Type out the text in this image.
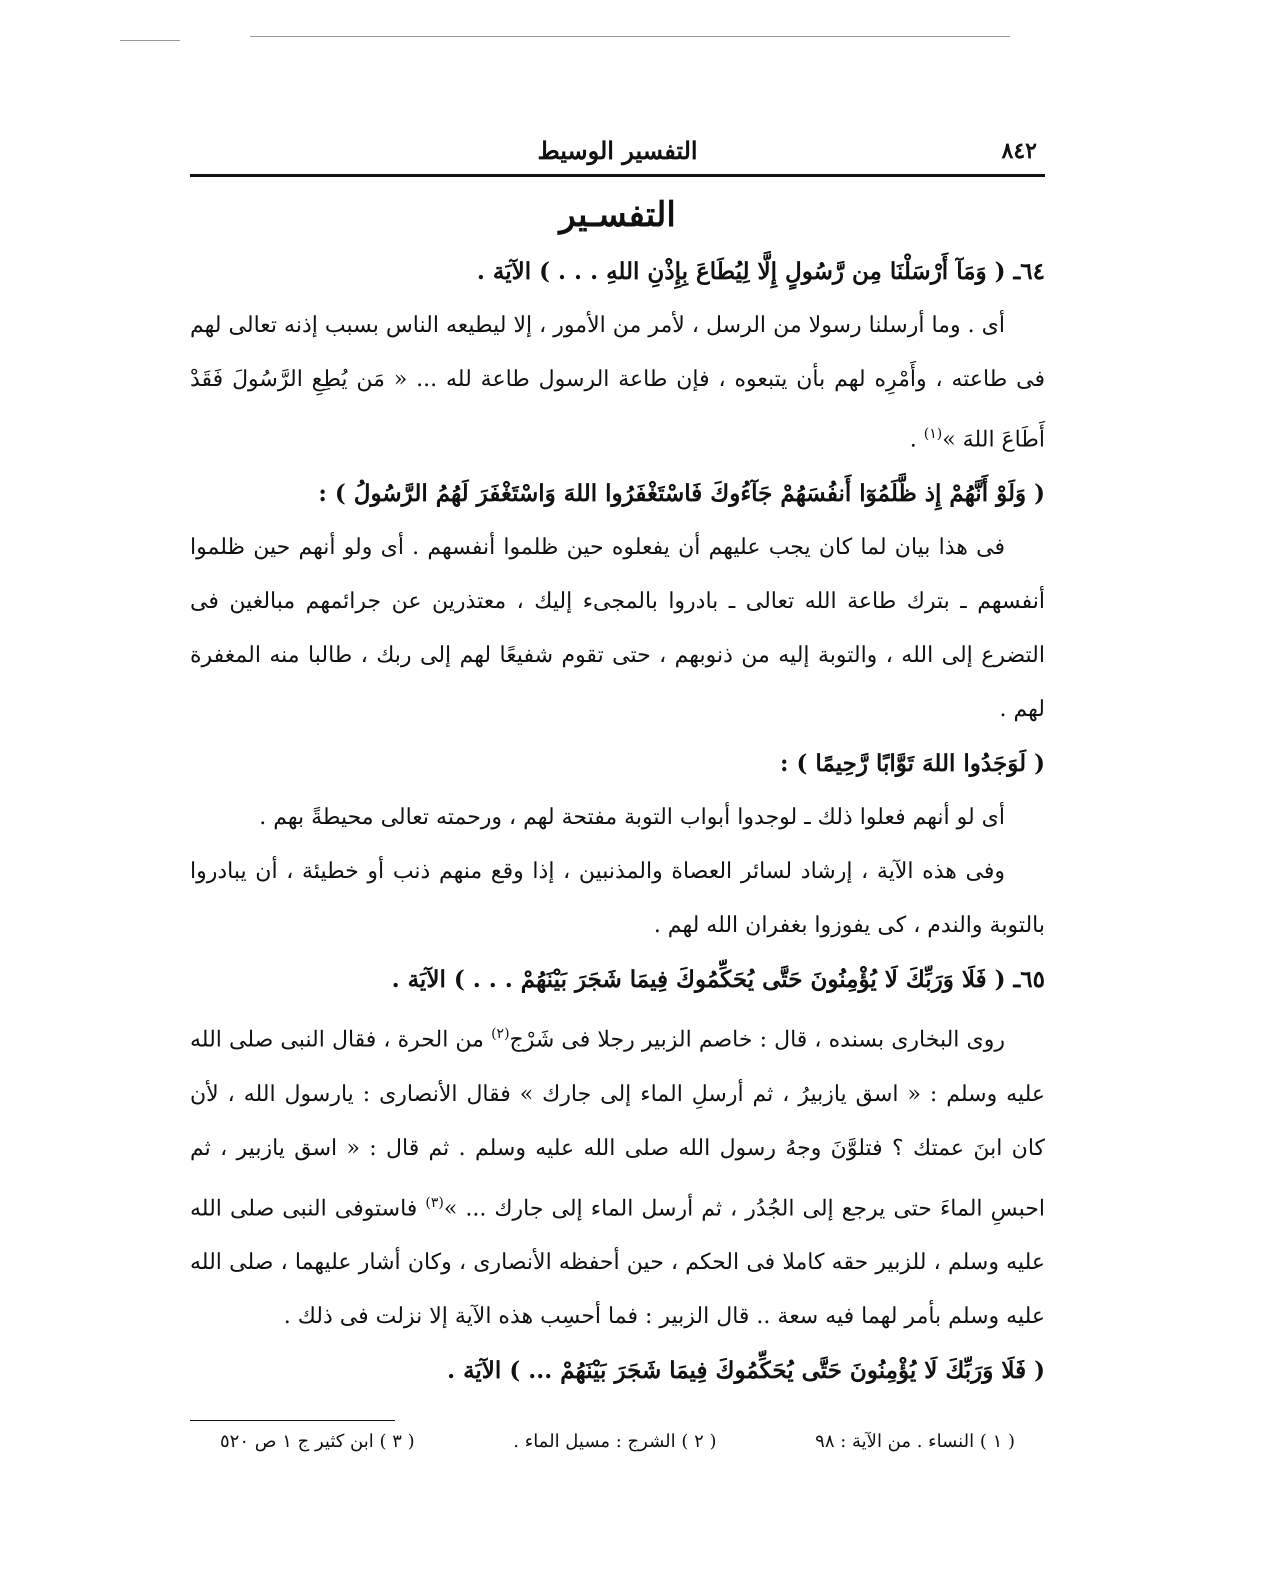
٨٤٢
التفسير الوسيط
التفسـير

٦٤ـ ( وَمَآ أَرْسَلْنَا مِن رَّسُولٍ إِلَّا لِيُطَاعَ بِإِذْنِ اللهِ . . . ) الآيَة .

أى . وما أرسلنا رسولا من الرسل ، لأمر من الأمور ، إلا ليطيعه الناس بسبب إذنه تعالى لهم فى طاعته ، وأَمْرِه لهم بأن يتبعوه ، فإن طاعة الرسول طاعة لله ... « مَن يُطِعِ الرَّسُولَ فَقَدْ أَطَاعَ اللهَ »$^{(١)}$ .

( وَلَوْ أَنَّهُمْ إِذ ظَّلَمُوٓا أَنفُسَهُمْ جَآءُوكَ فَاسْتَغْفَرُوا اللهَ وَاسْتَغْفَرَ لَهُمُ الرَّسُولُ ) :

فى هذا بيان لما كان يجب عليهم أن يفعلوه حين ظلموا أنفسهم . أى ولو أنهم حين ظلموا أنفسهم ـ بترك طاعة الله تعالى ـ بادروا بالمجىء إليك ، معتذرين عن جرائمهم مبالغين فى التضرع إلى الله ، والتوبة إليه من ذنوبهم ، حتى تقوم شفيعًا لهم إلى ربك ، طالبا منه المغفرة لهم .

( لَوَجَدُوا اللهَ تَوَّابًا رَّحِيمًا ) :

أى لو أنهم فعلوا ذلك ـ لوجدوا أبواب التوبة مفتحة لهم ، ورحمته تعالى محيطةً بهم .

وفى هذه الآية ، إرشاد لسائر العصاة والمذنبين ، إذا وقع منهم ذنب أو خطيئة ، أن يبادروا بالتوبة والندم ، كى يفوزوا بغفران الله لهم .

٦٥ـ ( فَلَا وَرَبِّكَ لَا يُؤْمِنُونَ حَتَّى يُحَكِّمُوكَ فِيمَا شَجَرَ بَيْنَهُمْ . . . ) الآيَة .

روى البخارى بسنده ، قال : خاصم الزبير رجلا فى شَرْج$^{(٢)}$ من الحرة ، فقال النبى صلى الله عليه وسلم : « اسق يازبيرُ ، ثم أرسلِ الماء إلى جارك » فقال الأنصارى : يارسول الله ، لأن كان ابنَ عمتك ؟ فتلوَّنَ وجهُ رسول الله صلى الله عليه وسلم . ثم قال : « اسق يازبير ، ثم احبسِ الماءَ حتى يرجع إلى الجُدُر ، ثم أرسل الماء إلى جارك ... »$^{(٣)}$ فاستوفى النبى صلى الله عليه وسلم ، للزبير حقه كاملا فى الحكم ، حين أحفظه الأنصارى ، وكان أشار عليهما ، صلى الله عليه وسلم بأمر لهما فيه سعة .. قال الزبير : فما أحسِب هذه الآية إلا نزلت فى ذلك .

( فَلَا وَرَبِّكَ لَا يُؤْمِنُونَ حَتَّى يُحَكِّمُوكَ فِيمَا شَجَرَ بَيْنَهُمْ ... ) الآيَة .

( ١ ) النساء . من الآية : ٩٨
( ٢ ) الشرج : مسيل الماء .
( ٣ ) ابن كثير ج ١ ص ٥٢٠
